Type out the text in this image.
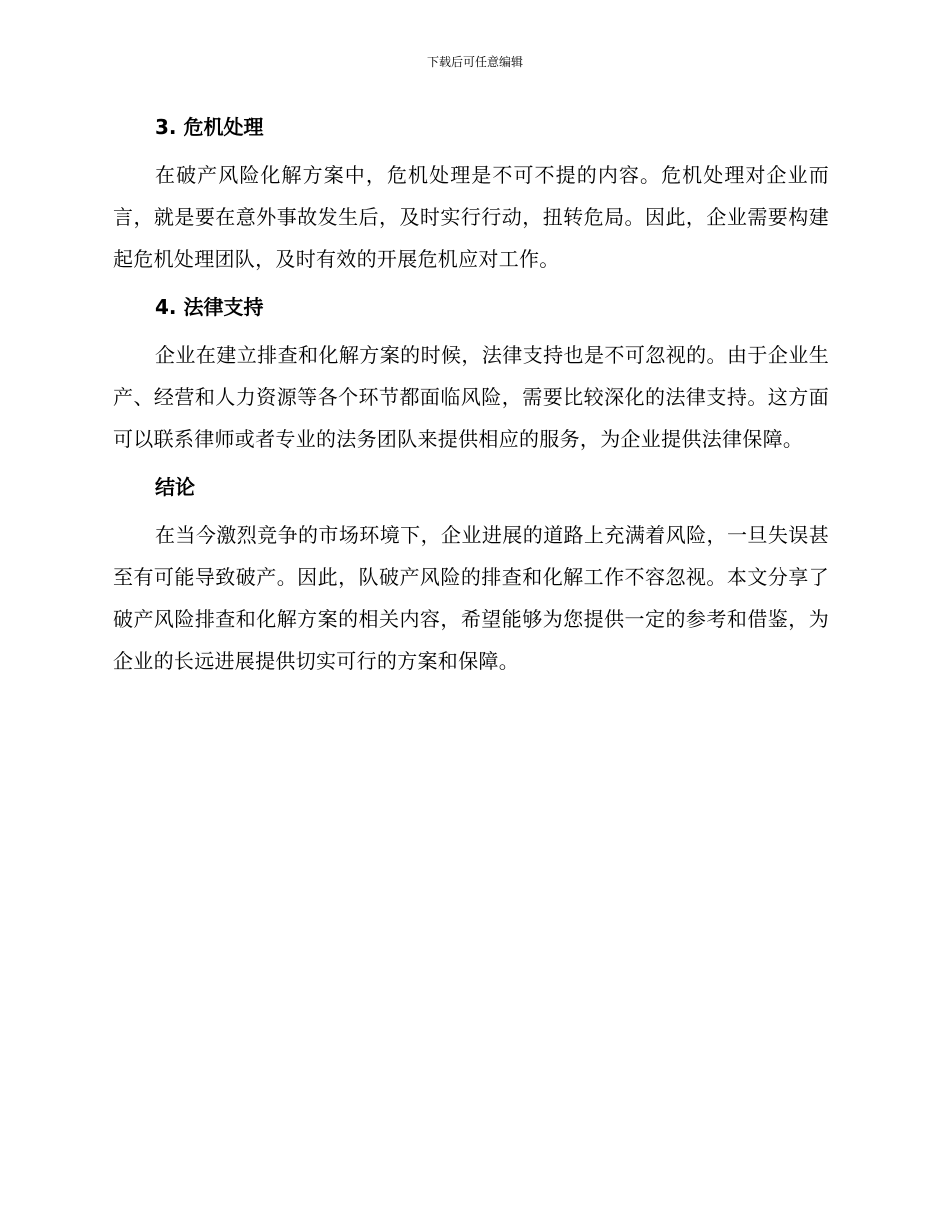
下载后可任意编辑
3. 危机处理

在破产风险化解方案中，危机处理是不可不提的内容。危机处理对企业而言，就是要在意外事故发生后，及时实行行动，扭转危局。因此，企业需要构建起危机处理团队，及时有效的开展危机应对工作。

4. 法律支持

企业在建立排查和化解方案的时候，法律支持也是不可忽视的。由于企业生产、经营和人力资源等各个环节都面临风险，需要比较深化的法律支持。这方面可以联系律师或者专业的法务团队来提供相应的服务，为企业提供法律保障。

结论

在当今激烈竞争的市场环境下，企业进展的道路上充满着风险，一旦失误甚至有可能导致破产。因此，队破产风险的排查和化解工作不容忽视。本文分享了破产风险排查和化解方案的相关内容，希望能够为您提供一定的参考和借鉴，为企业的长远进展提供切实可行的方案和保障。
